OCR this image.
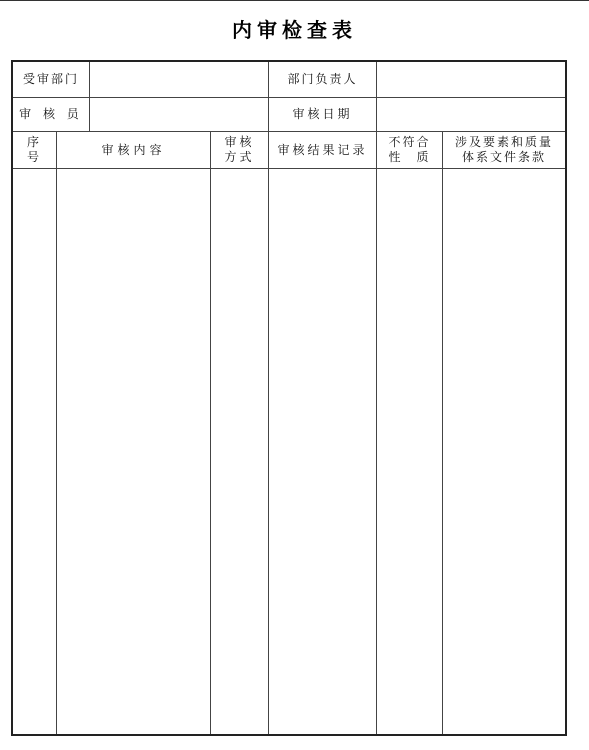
内审检查表
受审部门	部门负责人
审 核 员	审核日期
序
号
审核内容
审核
方式
审核结果记录
不符合
性　质
涉及要素和质量
体系文件条款
